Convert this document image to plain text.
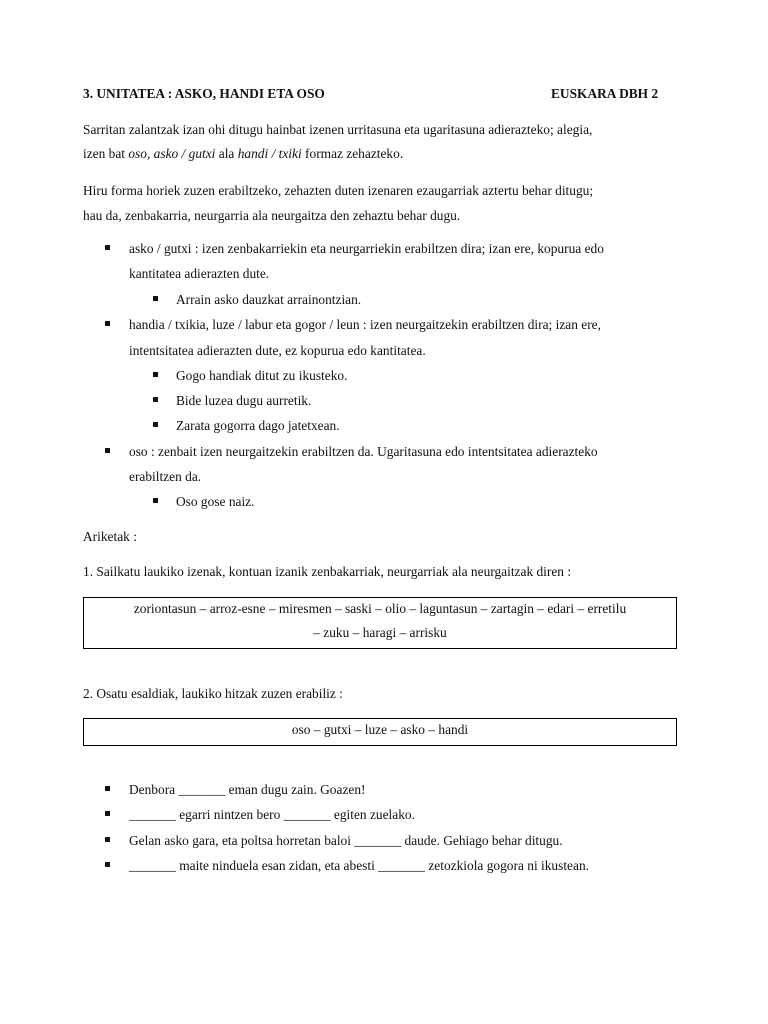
3. UNITATEA : ASKO, HANDI ETA OSO	EUSKARA DBH 2
Sarritan zalantzak izan ohi ditugu hainbat izenen urritasuna eta ugaritasuna adierazteko; alegia,
izen bat oso, asko / gutxi ala handi / txiki formaz zehazteko.
Hiru forma horiek zuzen erabiltzeko, zehazten duten izenaren ezaugarriak aztertu behar ditugu;
hau da, zenbakarria, neurgarria ala neurgaitza den zehaztu behar dugu.
asko / gutxi : izen zenbakarriekin eta neurgarriekin erabiltzen dira; izan ere, kopurua edo
kantitatea adierazten dute.
Arrain asko dauzkat arrainontzian.
handia / txikia, luze / labur eta gogor / leun : izen neurgaitzekin erabiltzen dira; izan ere,
intentsitatea adierazten dute, ez kopurua edo kantitatea.
Gogo handiak ditut zu ikusteko.
Bide luzea dugu aurretik.
Zarata gogorra dago jatetxean.
oso : zenbait izen neurgaitzekin erabiltzen da. Ugaritasuna edo intentsitatea adierazteko
erabiltzen da.
Oso gose naiz.
Ariketak :
1. Sailkatu laukiko izenak, kontuan izanik zenbakarriak, neurgarriak ala neurgaitzak diren :
zoriontasun – arroz-esne – miresmen – saski – olio – laguntasun – zartagin – edari – erretilu
– zuku – haragi – arrisku
2. Osatu esaldiak, laukiko hitzak zuzen erabiliz :
oso – gutxi – luze – asko – handi
Denbora _______ eman dugu zain. Goazen!
_______ egarri nintzen bero _______ egiten zuelako.
Gelan asko gara, eta poltsa horretan baloi _______ daude. Gehiago behar ditugu.
_______ maite ninduela esan zidan, eta abesti _______ zetozkiola gogora ni ikustean.
